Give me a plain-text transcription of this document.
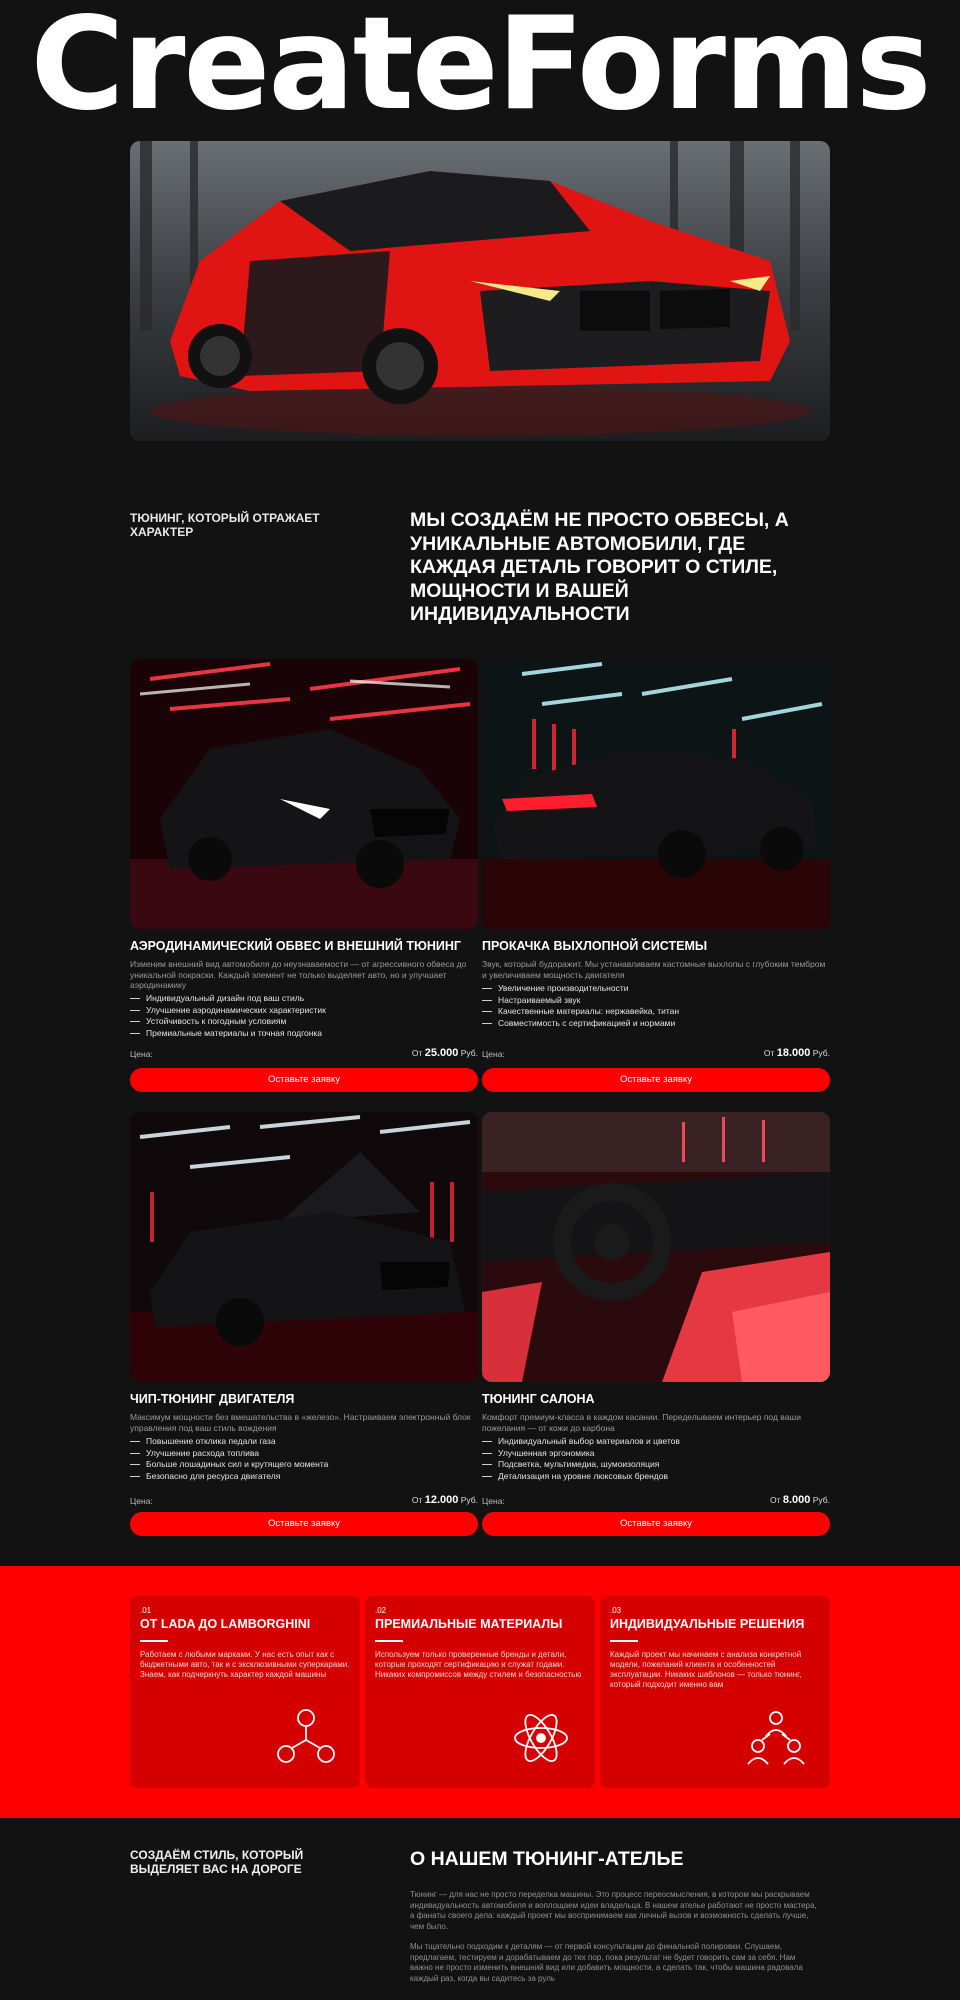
CreateForms
ТЮНИНГ, КОТОРЫЙ ОТРАЖАЕТ ХАРАКТЕР
МЫ СОЗДАЁМ НЕ ПРОСТО ОБВЕСЫ, А УНИКАЛЬНЫЕ АВТОМОБИЛИ, ГДЕ КАЖДАЯ ДЕТАЛЬ ГОВОРИТ О СТИЛЕ, МОЩНОСТИ И ВАШЕЙ ИНДИВИДУАЛЬНОСТИ
АЭРОДИНАМИЧЕСКИЙ ОБВЕС И ВНЕШНИЙ ТЮНИНГ

Изменим внешний вид автомобиля до неузнаваемости — от агрессивного обвеса до уникальной покраски. Каждый элемент не только выделяет авто, но и улучшает аэродинамику

Индивидуальный дизайн под ваш стиль
Улучшение аэродинамических характеристик
Устойчивость к погодным условиям
Премиальные материалы и точная подгонка
Цена:	От 25.000 Руб.
Оставьте заявку
ПРОКАЧКА ВЫХЛОПНОЙ СИСТЕМЫ

Звук, который будоражит. Мы устанавливаем кастомные выхлопы с глубоким тембром и увеличиваем мощность двигателя

Увеличение производительности
Настраиваемый звук
Качественные материалы: нержавейка, титан
Совместимость с сертификацией и нормами
Цена:	От 18.000 Руб.
Оставьте заявку
ЧИП-ТЮНИНГ ДВИГАТЕЛЯ

Максимум мощности без вмешательства в «железо». Настраиваем электронный блок управления под ваш стиль вождения

Повышение отклика педали газа
Улучшение расхода топлива
Больше лошадиных сил и крутящего момента
Безопасно для ресурса двигателя
Цена:	От 12.000 Руб.
Оставьте заявку
ТЮНИНГ САЛОНА

Комфорт премиум-класса в каждом касании. Переделываем интерьер под ваши пожелания — от кожи до карбона

Индивидуальный выбор материалов и цветов
Улучшенная эргономика
Подсветка, мультимедиа, шумоизоляция
Детализация на уровне люксовых брендов
Цена:	От 8.000 Руб.
Оставьте заявку
.01
ОТ LADA ДО LAMBORGHINI

Работаем с любыми марками. У нас есть опыт как с бюджетными авто, так и с эксклюзивными суперкарами. Знаем, как подчеркнуть характер каждой машины

.02
ПРЕМИАЛЬНЫЕ МАТЕРИАЛЫ

Используем только проверенные бренды и детали, которые проходят сертификацию и служат годами. Никаких компромиссов между стилем и безопасностью

.03
ИНДИВИДУАЛЬНЫЕ РЕШЕНИЯ

Каждый проект мы начинаем с анализа конкретной модели, пожеланий клиента и особенностей эксплуатации. Никаких шаблонов — только тюнинг, который подходит именно вам

СОЗДАЁМ СТИЛЬ, КОТОРЫЙ ВЫДЕЛЯЕТ ВАС НА ДОРОГЕ	О НАШЕМ ТЮНИНГ-АТЕЛЬЕ

Тюнинг — для нас не просто переделка машины. Это процесс переосмысления, в котором мы раскрываем индивидуальность автомобиля и воплощаем идеи владельца. В нашем ателье работают не просто мастера, а фанаты своего дела: каждый проект мы воспринимаем как личный вызов и возможность сделать лучше, чем было.

Мы тщательно подходим к деталям — от первой консультации до финальной полировки. Слушаем, предлагаем, тестируем и дорабатываем до тех пор, пока результат не будет говорить сам за себя. Нам важно не просто изменить внешний вид или добавить мощности, а сделать так, чтобы машина радовала каждый раз, когда вы садитесь за руль
